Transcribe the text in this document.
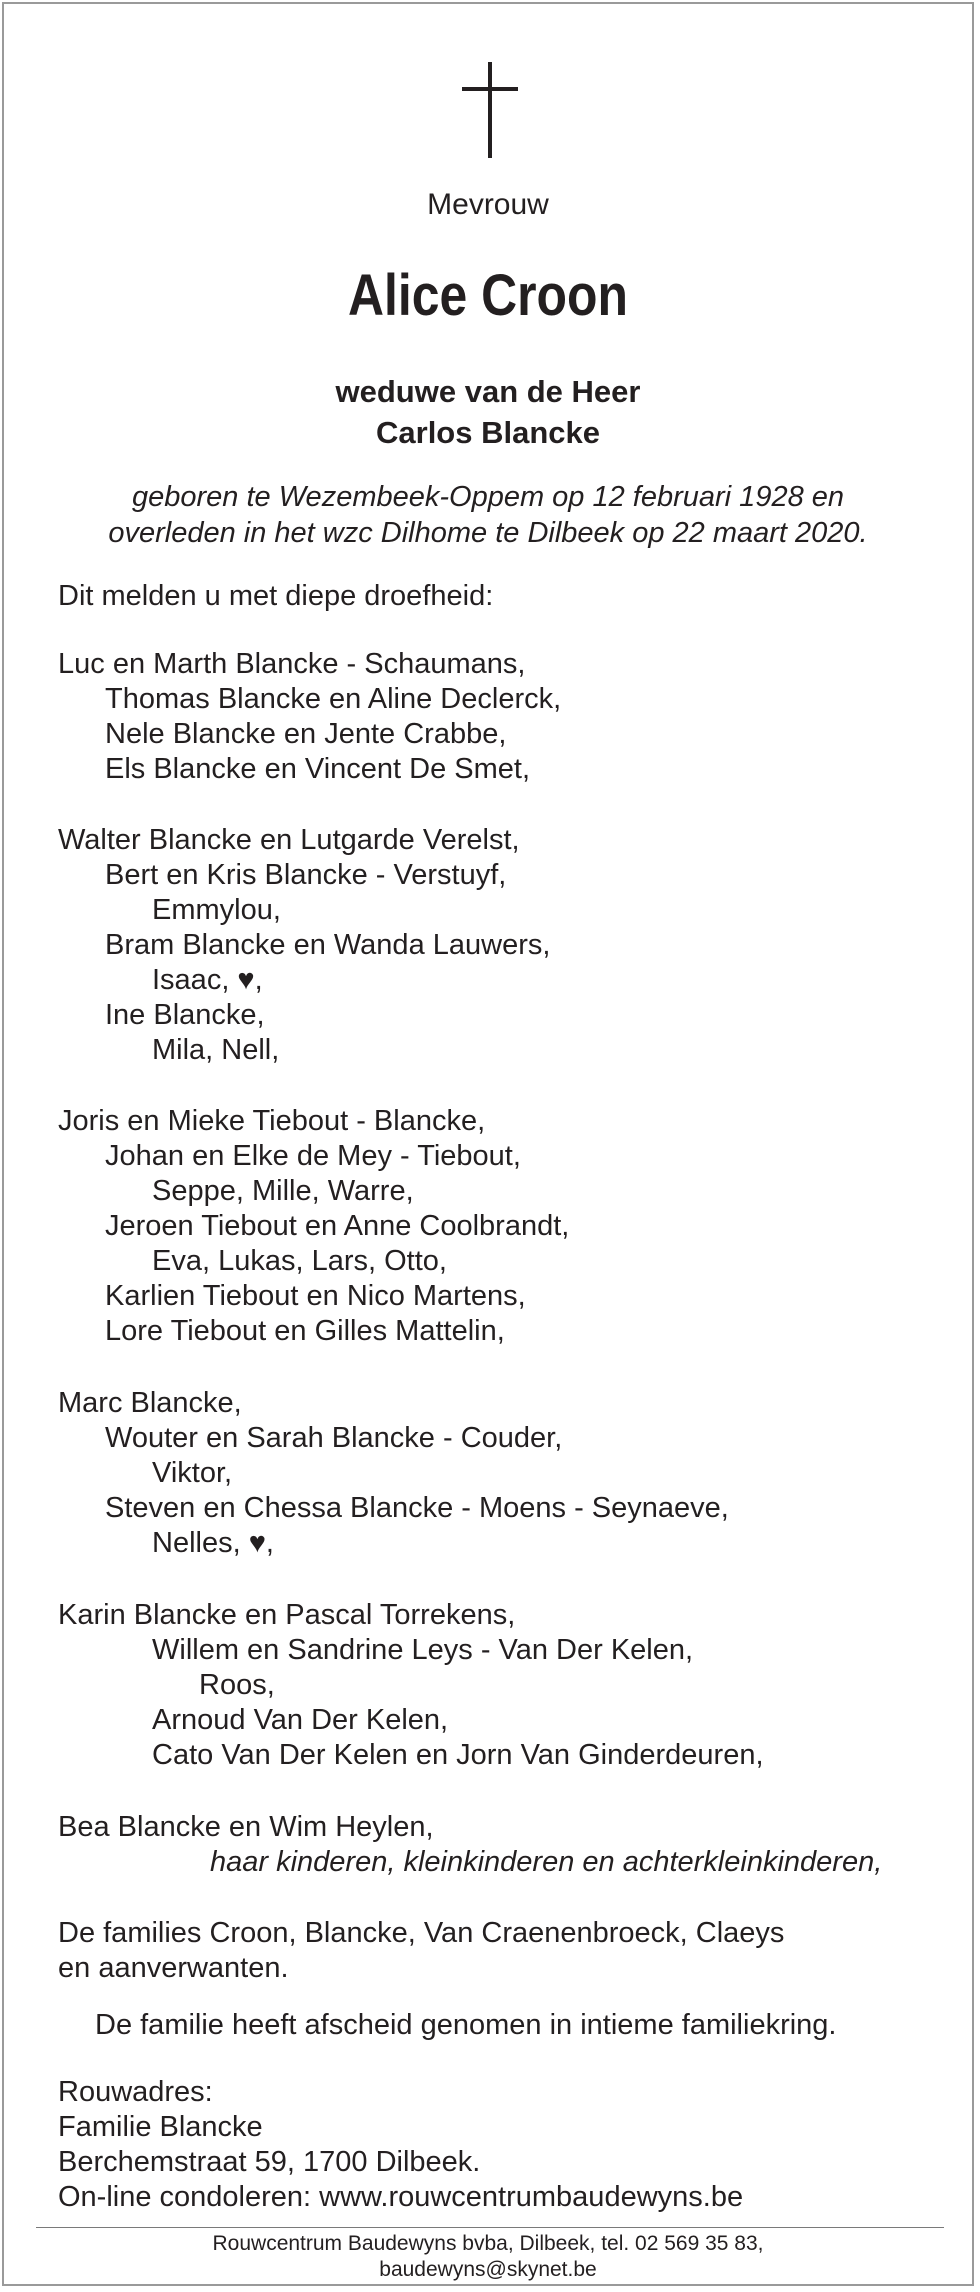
Mevrouw
Alice Croon
weduwe van de Heer
Carlos Blancke
geboren te Wezembeek-Oppem op 12 februari 1928 en
overleden in het wzc Dilhome te Dilbeek op 22 maart 2020.
Dit melden u met diepe droefheid:
Luc en Marth Blancke - Schaumans,
Thomas Blancke en Aline Declerck,
Nele Blancke en Jente Crabbe,
Els Blancke en Vincent De Smet,
Walter Blancke en Lutgarde Verelst,
Bert en Kris Blancke - Verstuyf,
Emmylou,
Bram Blancke en Wanda Lauwers,
Isaac, ♥,
Ine Blancke,
Mila, Nell,
Joris en Mieke Tiebout - Blancke,
Johan en Elke de Mey - Tiebout,
Seppe, Mille, Warre,
Jeroen Tiebout en Anne Coolbrandt,
Eva, Lukas, Lars, Otto,
Karlien Tiebout en Nico Martens,
Lore Tiebout en Gilles Mattelin,
Marc Blancke,
Wouter en Sarah Blancke - Couder,
Viktor,
Steven en Chessa Blancke - Moens - Seynaeve,
Nelles, ♥,
Karin Blancke en Pascal Torrekens,
Willem en Sandrine Leys - Van Der Kelen,
Roos,
Arnoud Van Der Kelen,
Cato Van Der Kelen en Jorn Van Ginderdeuren,
Bea Blancke en Wim Heylen,
haar kinderen, kleinkinderen en achterkleinkinderen,
De families Croon, Blancke, Van Craenenbroeck, Claeys
en aanverwanten.
De familie heeft afscheid genomen in intieme familiekring.
Rouwadres:
Familie Blancke
Berchemstraat 59, 1700 Dilbeek.
On-line condoleren: www.rouwcentrumbaudewyns.be
Rouwcentrum Baudewyns bvba, Dilbeek, tel. 02 569 35 83,
baudewyns@skynet.be
